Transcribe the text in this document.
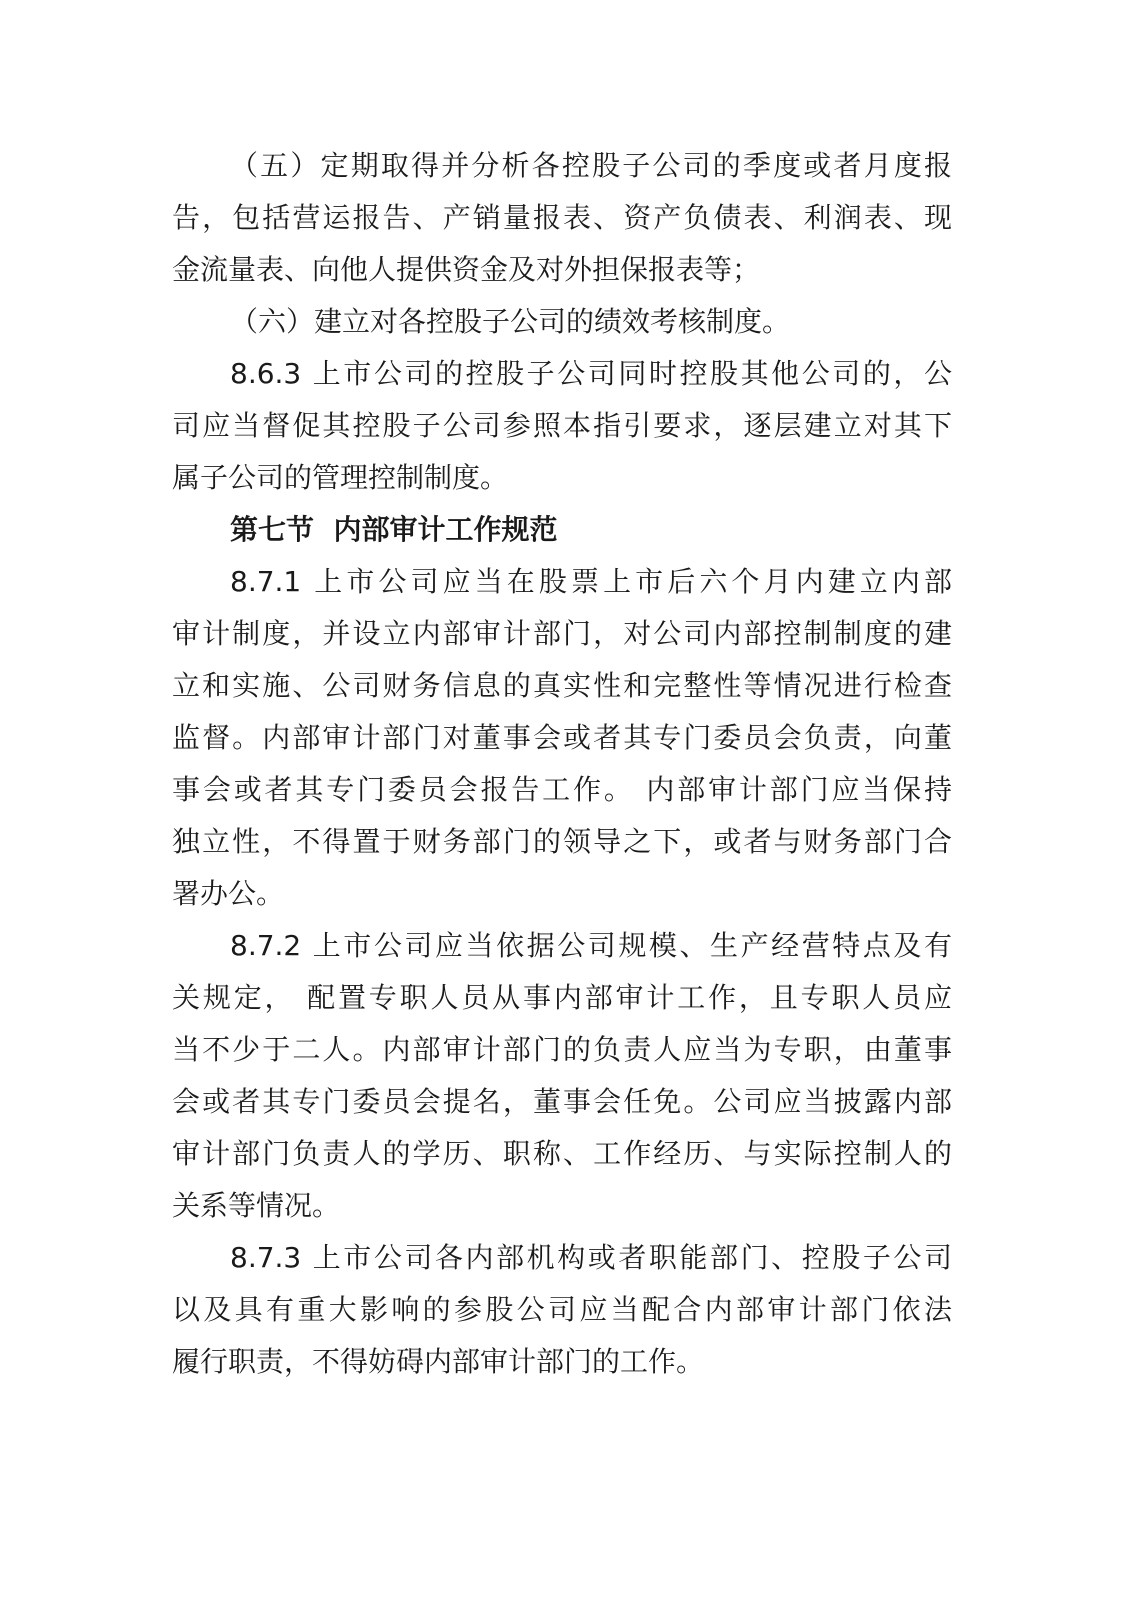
（五）定期取得并分析各控股子公司的季度或者月度报
告，包括营运报告、产销量报表、资产负债表、利润表、现
金流量表、向他人提供资金及对外担保报表等；
（六）建立对各控股子公司的绩效考核制度。
8.6.3 上市公司的控股子公司同时控股其他公司的，公
司应当督促其控股子公司参照本指引要求，逐层建立对其下
属子公司的管理控制制度。
第七节  内部审计工作规范
8.7.1 上市公司应当在股票上市后六个月内建立内部
审计制度，并设立内部审计部门，对公司内部控制制度的建
立和实施、公司财务信息的真实性和完整性等情况进行检查
监督。内部审计部门对董事会或者其专门委员会负责，向董
事会或者其专门委员会报告工作。 内部审计部门应当保持
独立性，不得置于财务部门的领导之下，或者与财务部门合
署办公。
8.7.2 上市公司应当依据公司规模、生产经营特点及有
关规定， 配置专职人员从事内部审计工作，且专职人员应
当不少于二人。内部审计部门的负责人应当为专职，由董事
会或者其专门委员会提名，董事会任免。公司应当披露内部
审计部门负责人的学历、职称、工作经历、与实际控制人的
关系等情况。
8.7.3 上市公司各内部机构或者职能部门、控股子公司
以及具有重大影响的参股公司应当配合内部审计部门依法
履行职责，不得妨碍内部审计部门的工作。
